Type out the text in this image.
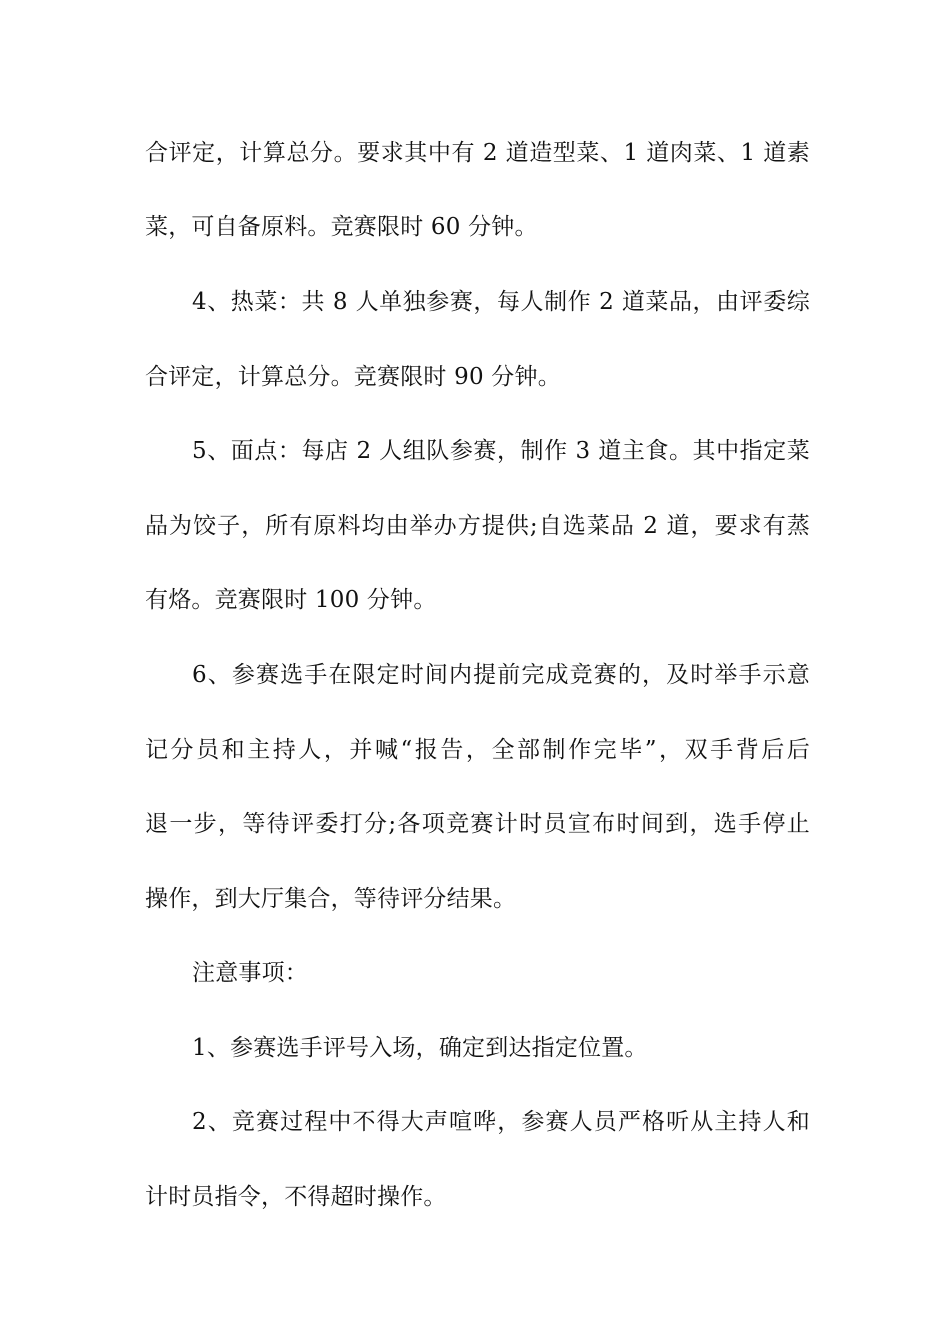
合评定，计算总分。要求其中有 2 道造型菜、1 道肉菜、1 道素
菜，可自备原料。竞赛限时 60 分钟。
4、热菜：共 8 人单独参赛，每人制作 2 道菜品，由评委综
合评定，计算总分。竞赛限时 90 分钟。
5、面点：每店 2 人组队参赛，制作 3 道主食。其中指定菜
品为饺子，所有原料均由举办方提供;自选菜品 2 道，要求有蒸
有烙。竞赛限时 100 分钟。
6、参赛选手在限定时间内提前完成竞赛的，及时举手示意
记分员和主持人，并喊“报告，全部制作完毕”，双手背后后
退一步，等待评委打分;各项竞赛计时员宣布时间到，选手停止
操作，到大厅集合，等待评分结果。
注意事项：
1、参赛选手评号入场，确定到达指定位置。
2、竞赛过程中不得大声喧哗，参赛人员严格听从主持人和
计时员指令，不得超时操作。
